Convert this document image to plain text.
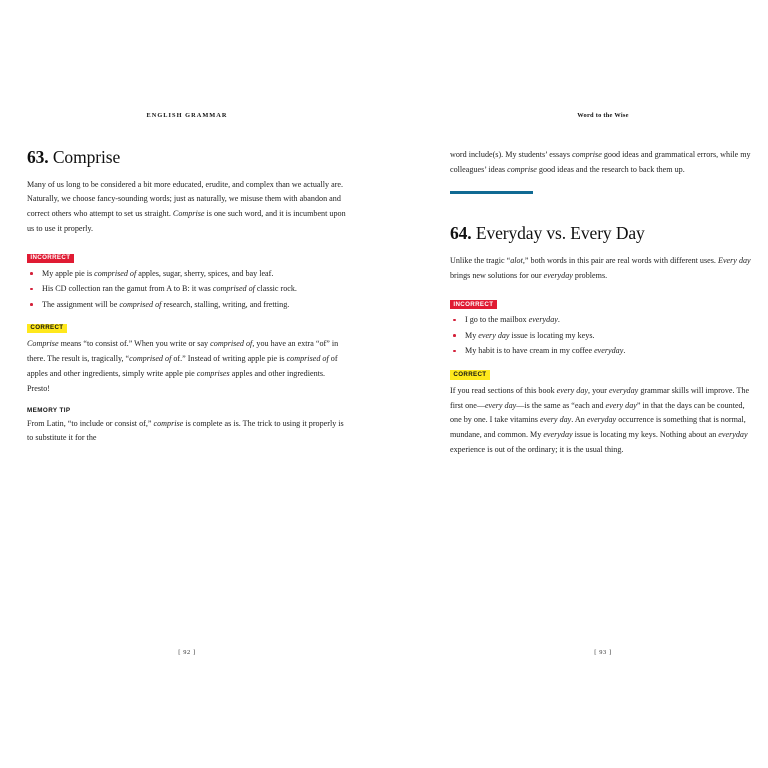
ENGLISH GRAMMAR
63. Comprise

Many of us long to be considered a bit more educated, erudite, and complex than we actually are. Naturally, we choose fancy-sounding words; just as naturally, we misuse them with abandon and correct others who attempt to set us straight. Comprise is one such word, and it is incumbent upon us to use it properly.

INCORRECT
My apple pie is comprised of apples, sugar, sherry, spices, and bay leaf.
His CD collection ran the gamut from A to B: it was comprised of classic rock.
The assignment will be comprised of research, stalling, writing, and fretting.
CORRECT

Comprise means “to consist of.” When you write or say comprised of, you have an extra “of” in there. The result is, tragically, “comprised of of.” Instead of writing apple pie is comprised of of apples and other ingredients, simply write apple pie comprises apples and other ingredients. Presto!

MEMORY TIP

From Latin, “to include or consist of,” comprise is complete as is. The trick to using it properly is to substitute it for the

[ 92 ]
Word to the Wise

word include(s). My students’ essays comprise good ideas and grammatical errors, while my colleagues’ ideas comprise good ideas and the research to back them up.

64. Everyday vs. Every Day

Unlike the tragic “alot,” both words in this pair are real words with different uses. Every day brings new solutions for our everyday problems.

INCORRECT
I go to the mailbox everyday.
My every day issue is locating my keys.
My habit is to have cream in my coffee everyday.
CORRECT

If you read sections of this book every day, your everyday grammar skills will improve. The first one—every day—is the same as “each and every day” in that the days can be counted, one by one. I take vitamins every day. An everyday occurrence is something that is normal, mundane, and common. My everyday issue is locating my keys. Nothing about an everyday experience is out of the ordinary; it is the usual thing.

[ 93 ]
